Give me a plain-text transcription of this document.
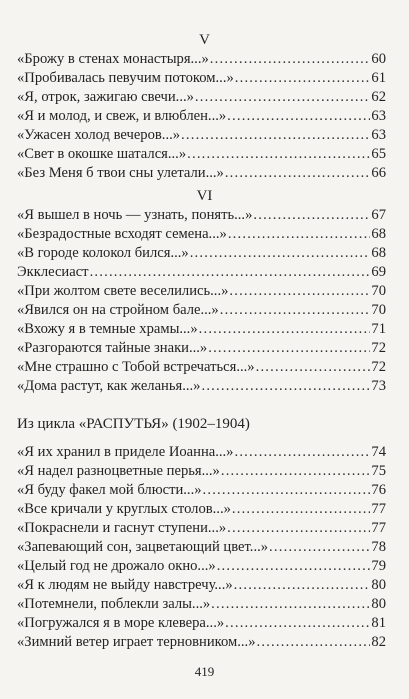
V
«Брожу в стенах монастыря...» .....	60
«Пробивалась певучим потоком...» .....	61
«Я, отрок, зажигаю свечи...» .....	62
«Я и молод, и свеж, и влюблен...» .....	63
«Ужасен холод вечеров...» .....	63
«Свет в окошке шатался...» .....	65
«Без Меня б твои сны улетали...» .....	66
VI
«Я вышел в ночь — узнать, понять...» .....	67
«Безрадостные всходят семена...» .....	68
«В городе колокол бился...» .....	68
Экклесиаст .....	69
«При жолтом свете веселились...» .....	70
«Явился он на стройном бале...» .....	70
«Вхожу я в темные храмы...» .....	71
«Разгораются тайные знаки...» .....	72
«Мне страшно с Тобой встречаться...» .....	72
«Дома растут, как желанья...» .....	73
Из цикла «РАСПУТЬЯ» (1902–1904)
«Я их хранил в приделе Иоанна...» .....	74
«Я надел разноцветные перья...» .....	75
«Я буду факел мой блюсти...» .....	76
«Все кричали у круглых столов...» .....	77
«Покраснели и гаснут ступени...» .....	77
«Запевающий сон, зацветающий цвет...» .....	78
«Целый год не дрожало окно...» .....	79
«Я к людям не выйду навстречу...» .....	80
«Потемнели, поблекли залы...» .....	80
«Погружался я в море клевера...» .....	81
«Зимний ветер играет терновником...» .....	82
419
